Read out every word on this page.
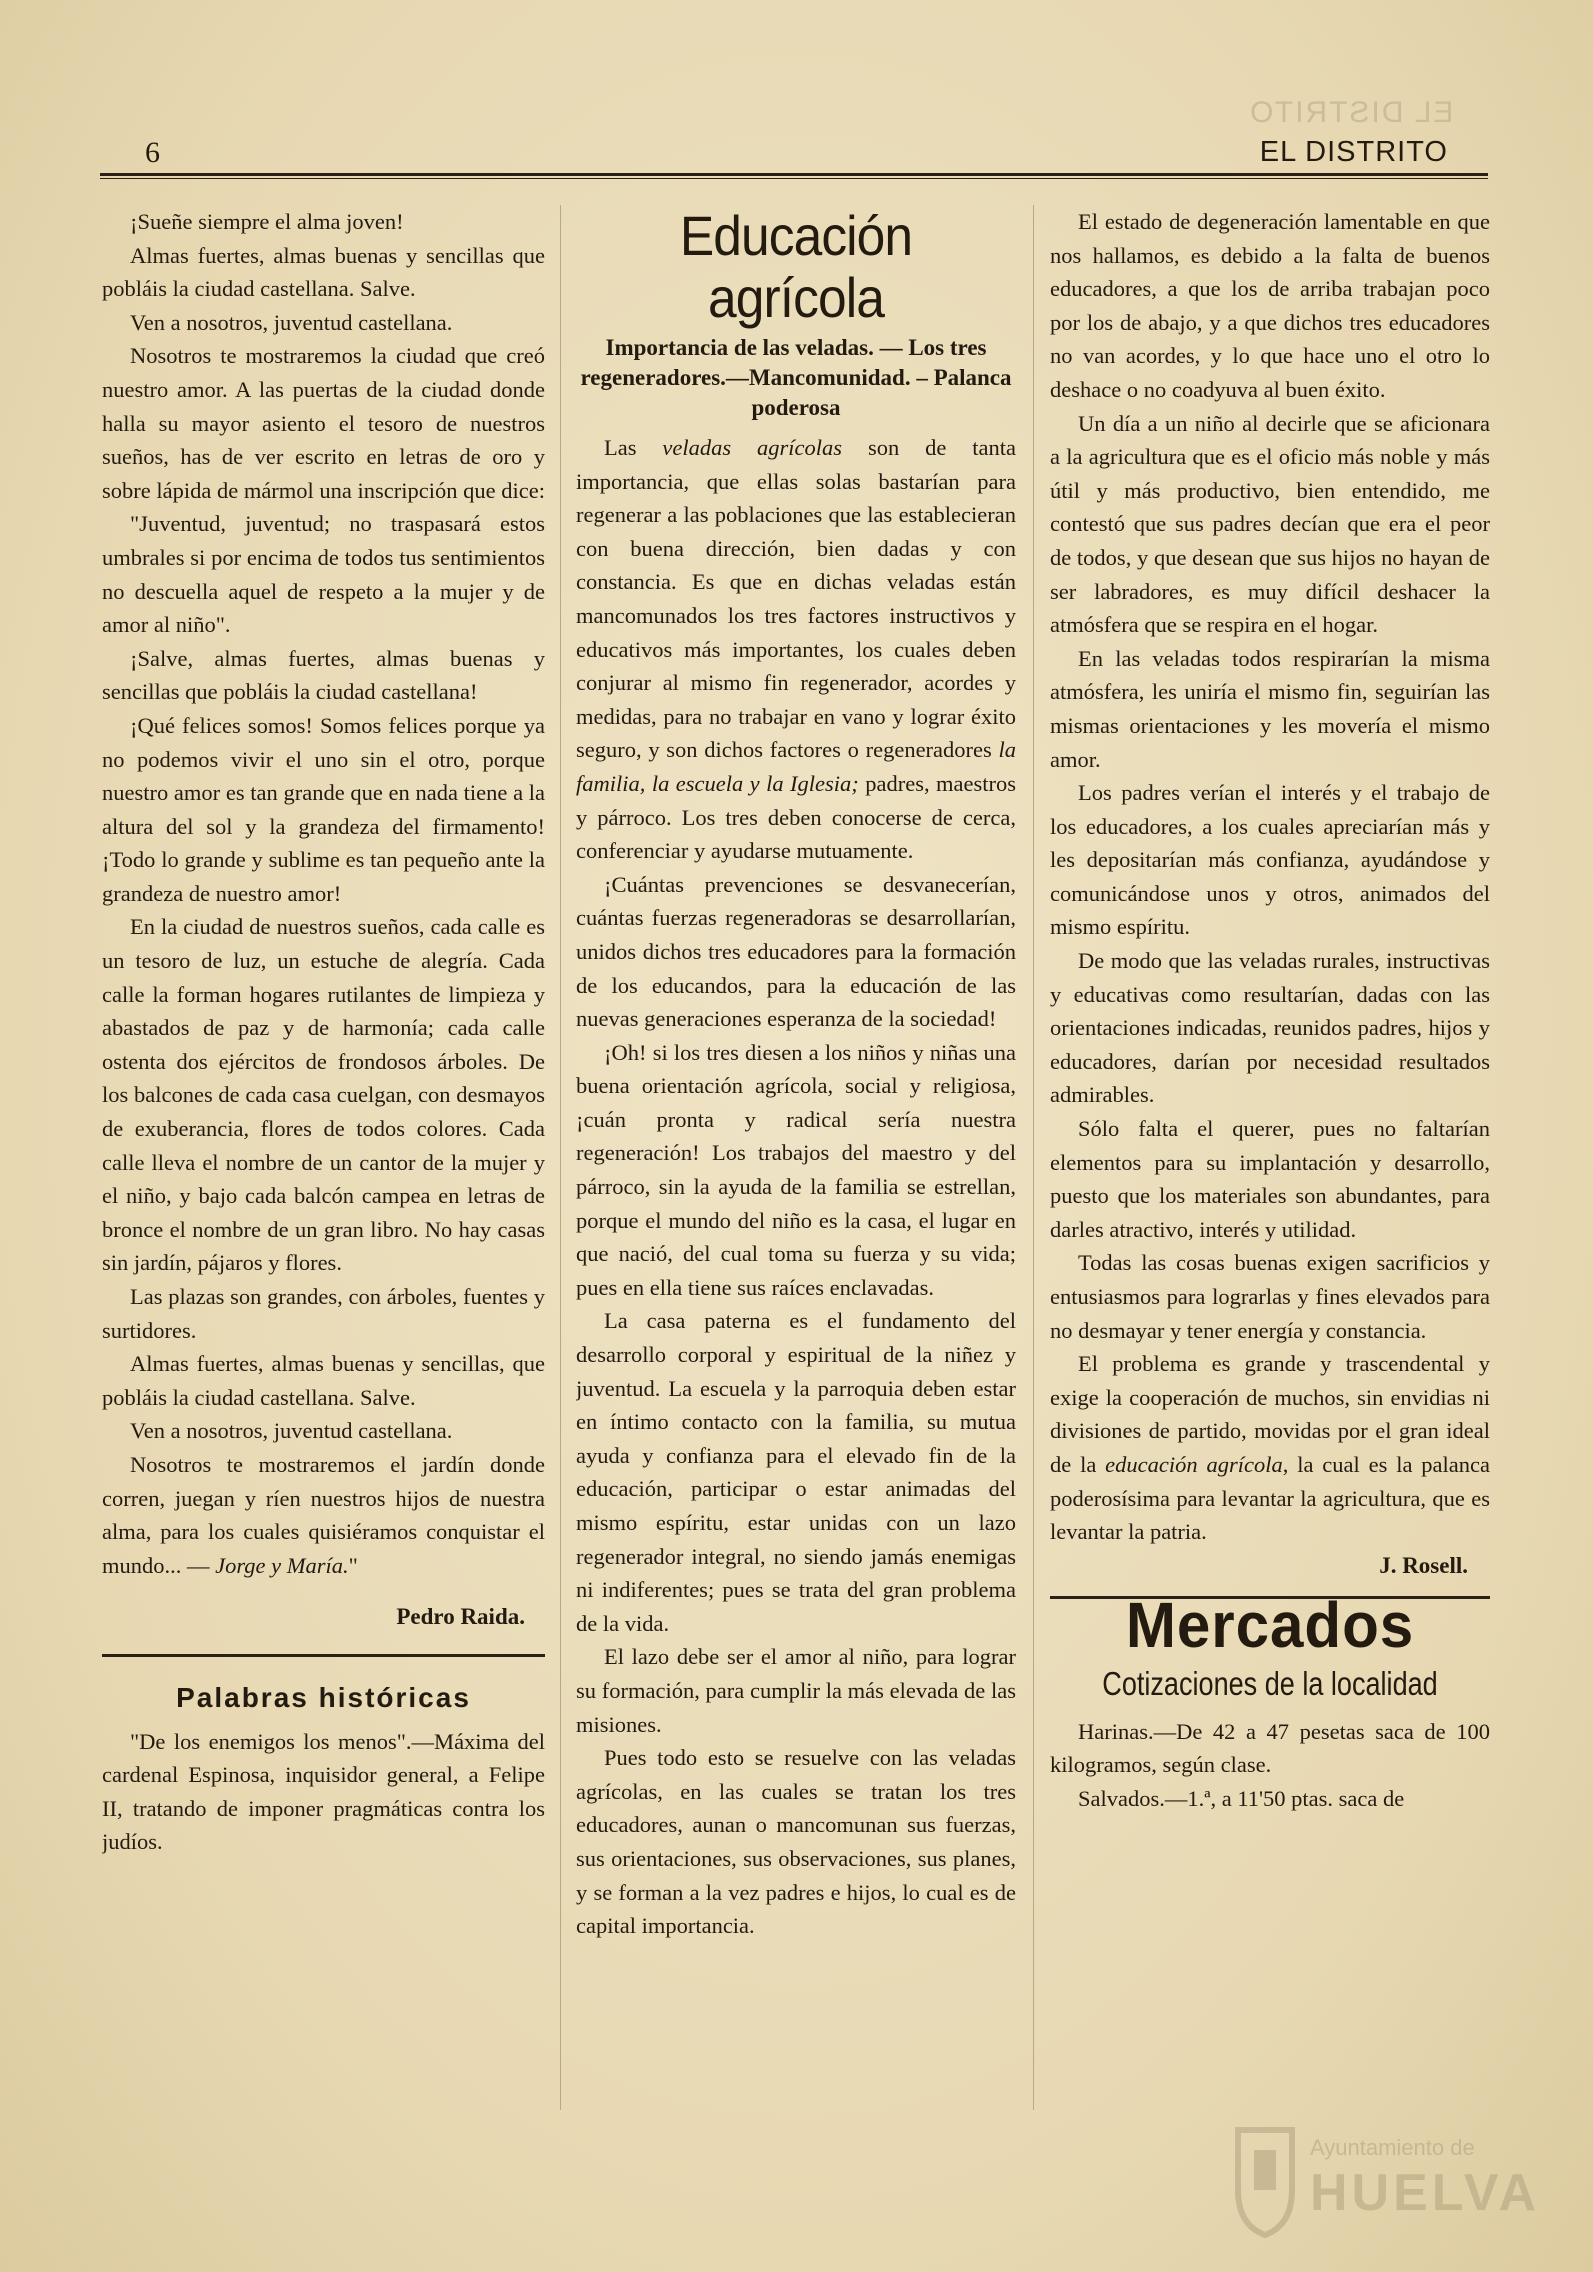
EL DISTRITO
6	EL DISTRITO

¡Sueñe siempre el alma joven!

Almas fuertes, almas buenas y sencillas que pobláis la ciudad castellana. Salve.

Ven a nosotros, juventud castellana.

Nosotros te mostraremos la ciudad que creó nuestro amor. A las puertas de la ciudad donde halla su mayor asiento el tesoro de nuestros sueños, has de ver escrito en letras de oro y sobre lápida de mármol una inscripción que dice:

"Juventud, juventud; no traspasará estos umbrales si por encima de todos tus sentimientos no descuella aquel de respeto a la mujer y de amor al niño".

¡Salve, almas fuertes, almas buenas y sencillas que pobláis la ciudad castellana!

¡Qué felices somos! Somos felices porque ya no podemos vivir el uno sin el otro, porque nuestro amor es tan grande que en nada tiene a la altura del sol y la grandeza del firmamento! ¡Todo lo grande y sublime es tan pequeño ante la grandeza de nuestro amor!

En la ciudad de nuestros sueños, cada calle es un tesoro de luz, un estuche de alegría. Cada calle la forman hogares rutilantes de limpieza y abastados de paz y de harmonía; cada calle ostenta dos ejércitos de frondosos árboles. De los balcones de cada casa cuelgan, con desmayos de exuberancia, flores de todos colores. Cada calle lleva el nombre de un cantor de la mujer y el niño, y bajo cada balcón campea en letras de bronce el nombre de un gran libro. No hay casas sin jardín, pájaros y flores.

Las plazas son grandes, con árboles, fuentes y surtidores.

Almas fuertes, almas buenas y sencillas, que pobláis la ciudad castellana. Salve.

Ven a nosotros, juventud castellana.

Nosotros te mostraremos el jardín donde corren, juegan y ríen nuestros hijos de nuestra alma, para los cuales quisiéramos conquistar el mundo... — Jorge y María."

Pedro Raida.
Palabras históricas

"De los enemigos los menos".—Máxima del cardenal Espinosa, inquisidor general, a Felipe II, tratando de imponer pragmáticas contra los judíos.

Educación agrícola
Importancia de las veladas. — Los tres regeneradores.—Mancomunidad. – Palanca poderosa

Las veladas agrícolas son de tanta importancia, que ellas solas bastarían para regenerar a las poblaciones que las establecieran con buena dirección, bien dadas y con constancia. Es que en dichas veladas están mancomunados los tres factores instructivos y educativos más importantes, los cuales deben conjurar al mismo fin regenerador, acordes y medidas, para no trabajar en vano y lograr éxito seguro, y son dichos factores o regeneradores la familia, la escuela y la Iglesia; padres, maestros y párroco. Los tres deben conocerse de cerca, conferenciar y ayudarse mutuamente.

¡Cuántas prevenciones se desvanecerían, cuántas fuerzas regeneradoras se desarrollarían, unidos dichos tres educadores para la formación de los educandos, para la educación de las nuevas generaciones esperanza de la sociedad!

¡Oh! si los tres diesen a los niños y niñas una buena orientación agrícola, social y religiosa, ¡cuán pronta y radical sería nuestra regeneración! Los trabajos del maestro y del párroco, sin la ayuda de la familia se estrellan, porque el mundo del niño es la casa, el lugar en que nació, del cual toma su fuerza y su vida; pues en ella tiene sus raíces enclavadas.

La casa paterna es el fundamento del desarrollo corporal y espiritual de la niñez y juventud. La escuela y la parroquia deben estar en íntimo contacto con la familia, su mutua ayuda y confianza para el elevado fin de la educación, participar o estar animadas del mismo espíritu, estar unidas con un lazo regenerador integral, no siendo jamás enemigas ni indiferentes; pues se trata del gran problema de la vida.

El lazo debe ser el amor al niño, para lograr su formación, para cumplir la más elevada de las misiones.

Pues todo esto se resuelve con las veladas agrícolas, en las cuales se tratan los tres educadores, aunan o mancomunan sus fuerzas, sus orientaciones, sus observaciones, sus planes, y se forman a la vez padres e hijos, lo cual es de capital importancia.

El estado de degeneración lamentable en que nos hallamos, es debido a la falta de buenos educadores, a que los de arriba trabajan poco por los de abajo, y a que dichos tres educadores no van acordes, y lo que hace uno el otro lo deshace o no coadyuva al buen éxito.

Un día a un niño al decirle que se aficionara a la agricultura que es el oficio más noble y más útil y más productivo, bien entendido, me contestó que sus padres decían que era el peor de todos, y que desean que sus hijos no hayan de ser labradores, es muy difícil deshacer la atmósfera que se respira en el hogar.

En las veladas todos respirarían la misma atmósfera, les uniría el mismo fin, seguirían las mismas orientaciones y les movería el mismo amor.

Los padres verían el interés y el trabajo de los educadores, a los cuales apreciarían más y les depositarían más confianza, ayudándose y comunicándose unos y otros, animados del mismo espíritu.

De modo que las veladas rurales, instructivas y educativas como resultarían, dadas con las orientaciones indicadas, reunidos padres, hijos y educadores, darían por necesidad resultados admirables.

Sólo falta el querer, pues no faltarían elementos para su implantación y desarrollo, puesto que los materiales son abundantes, para darles atractivo, interés y utilidad.

Todas las cosas buenas exigen sacrificios y entusiasmos para lograrlas y fines elevados para no desmayar y tener energía y constancia.

El problema es grande y trascendental y exige la cooperación de muchos, sin envidias ni divisiones de partido, movidas por el gran ideal de la educación agrícola, la cual es la palanca poderosísima para levantar la agricultura, que es levantar la patria.

J. Rosell.
Mercados
Cotizaciones de la localidad

Harinas.—De 42 a 47 pesetas saca de 100 kilogramos, según clase.

Salvados.—1.ª, a 11'50 ptas. saca de

Ayuntamiento de
HUELVA
